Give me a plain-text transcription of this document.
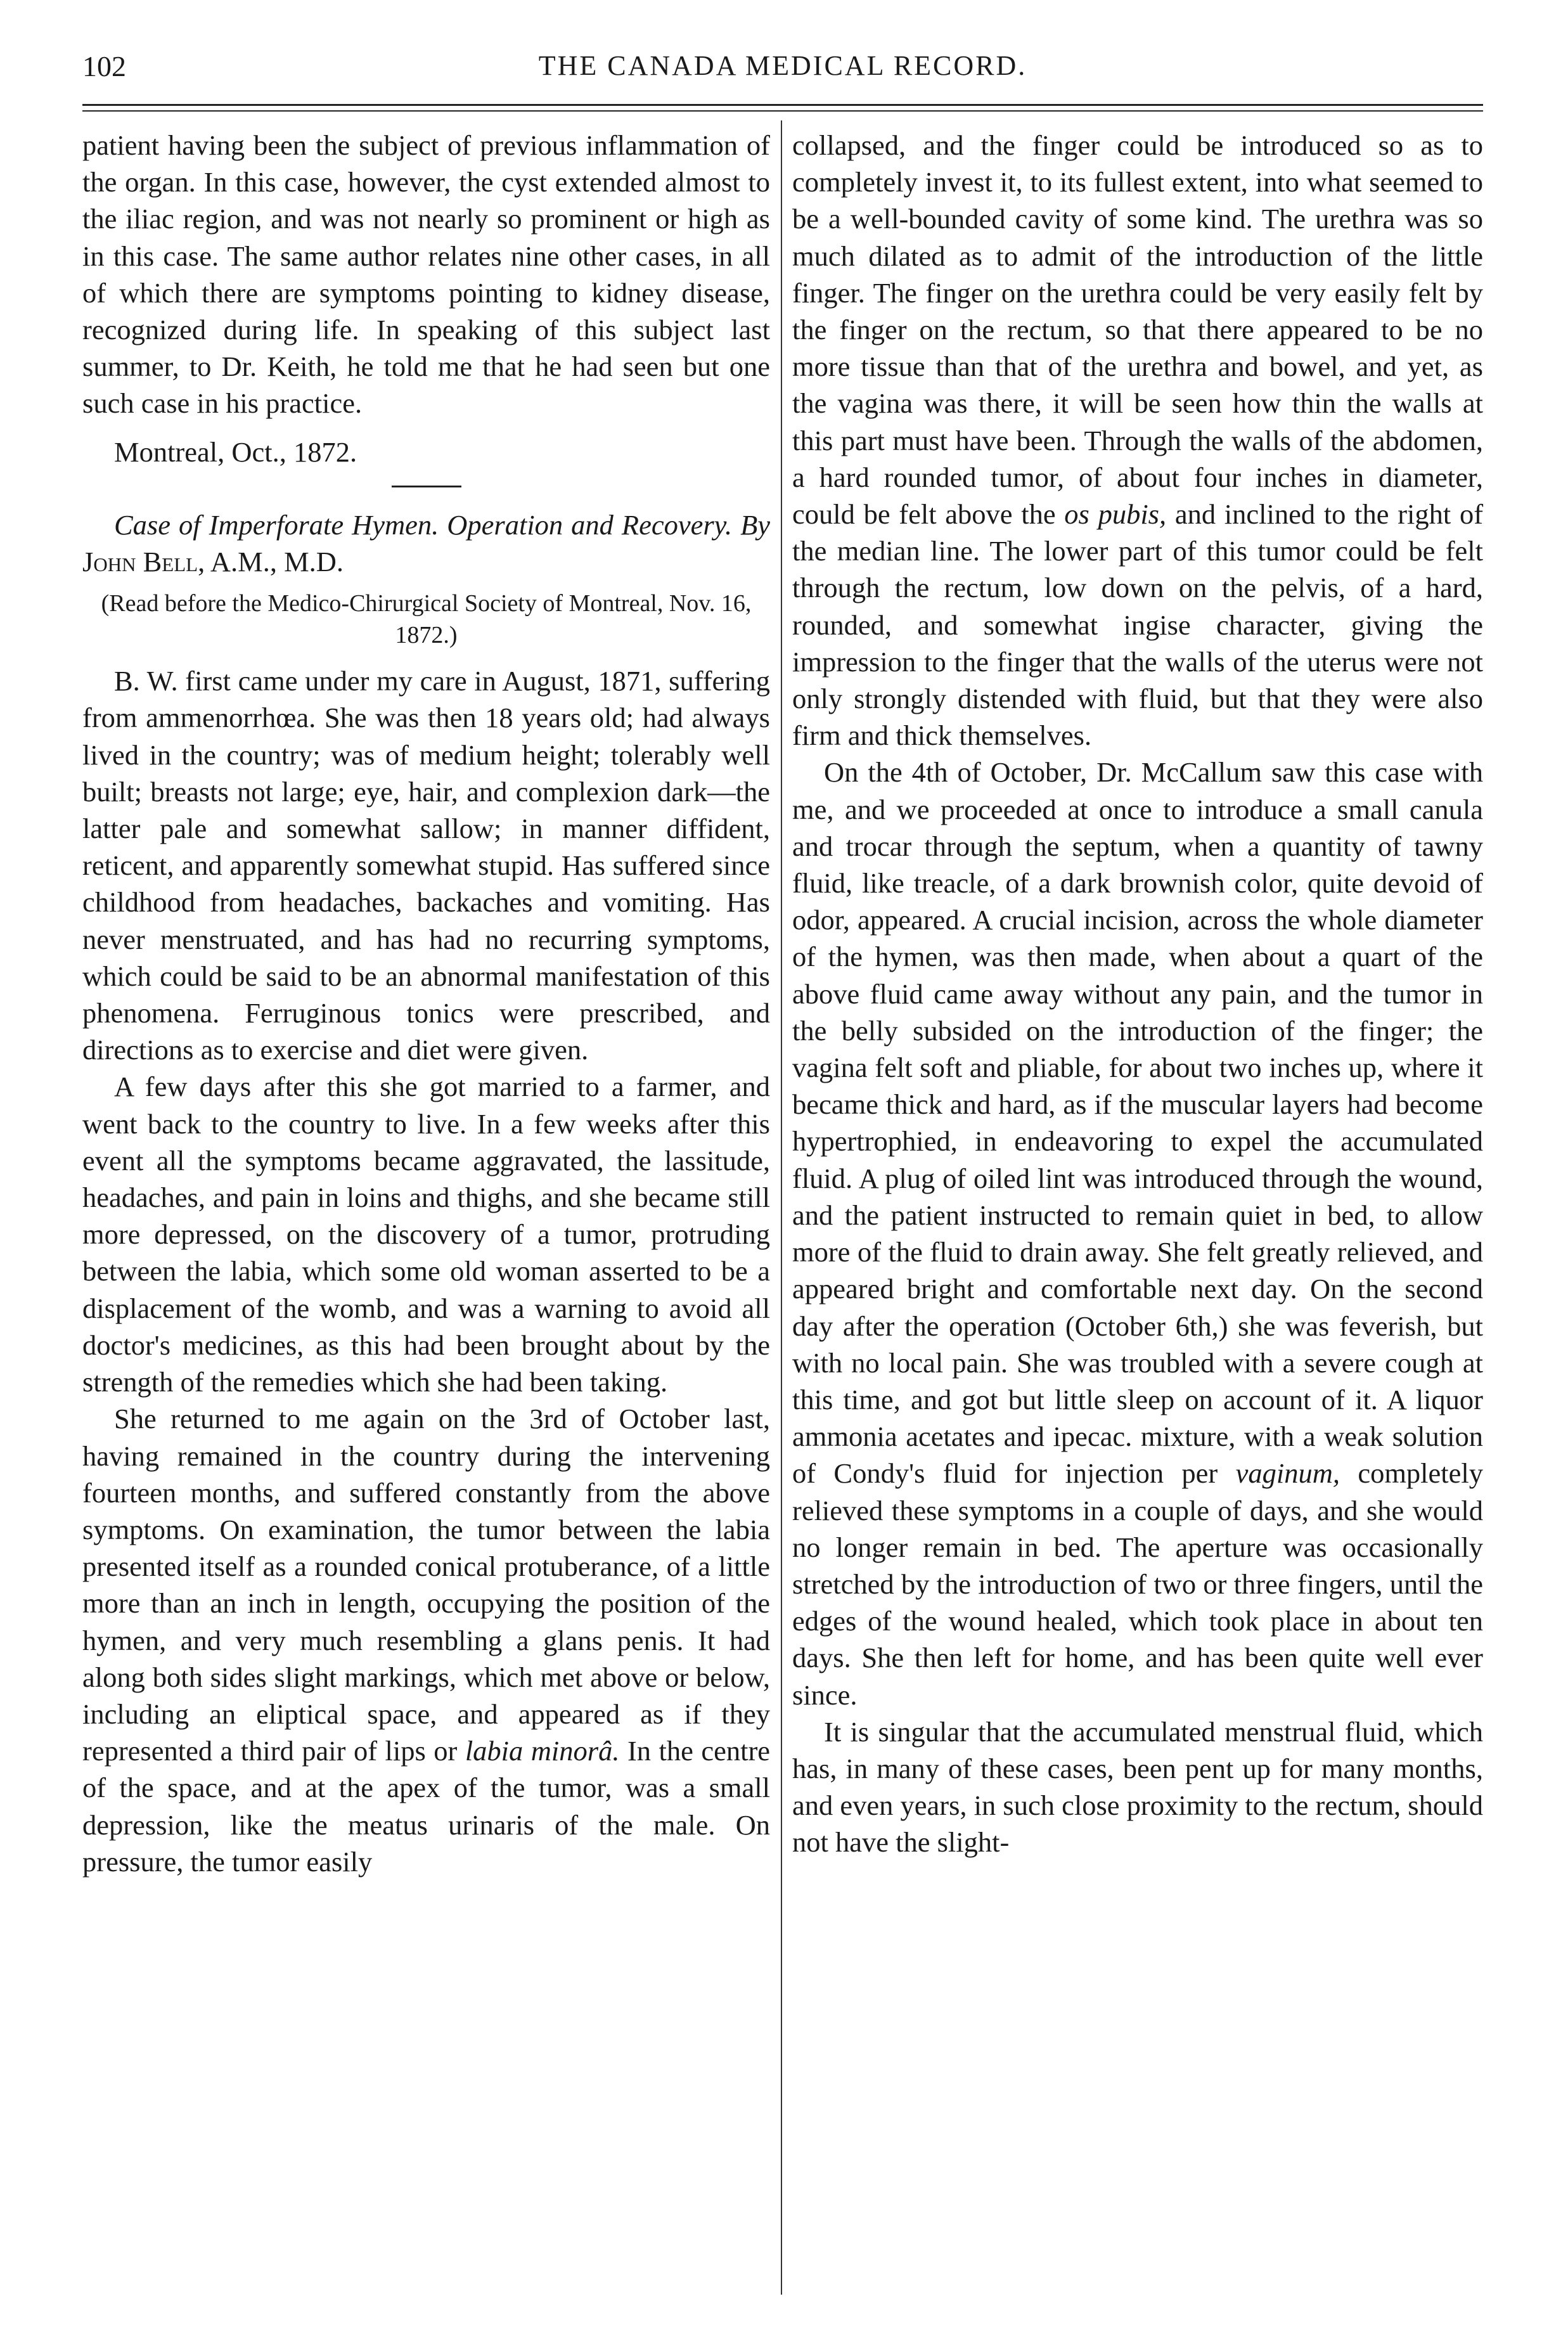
102	THE CANADA MEDICAL RECORD.

patient having been the subject of previous inflammation of the organ. In this case, however, the cyst extended almost to the iliac region, and was not nearly so prominent or high as in this case. The same author relates nine other cases, in all of which there are symptoms pointing to kidney disease, recognized during life. In speaking of this subject last summer, to Dr. Keith, he told me that he had seen but one such case in his practice.

Montreal, Oct., 1872.

Case of Imperforate Hymen. Operation and Recovery. By John Bell, A.M., M.D.

(Read before the Medico-Chirurgical Society of Montreal, Nov. 16, 1872.)

B. W. first came under my care in August, 1871, suffering from ammenorrhœa. She was then 18 years old; had always lived in the country; was of medium height; tolerably well built; breasts not large; eye, hair, and complexion dark—the latter pale and somewhat sallow; in manner diffident, reticent, and apparently somewhat stupid. Has suffered since childhood from headaches, backaches and vomiting. Has never menstruated, and has had no recurring symptoms, which could be said to be an abnormal manifestation of this phenomena. Ferruginous tonics were prescribed, and directions as to exercise and diet were given.

A few days after this she got married to a farmer, and went back to the country to live. In a few weeks after this event all the symptoms became aggravated, the lassitude, headaches, and pain in loins and thighs, and she became still more depressed, on the discovery of a tumor, protruding between the labia, which some old woman asserted to be a displacement of the womb, and was a warning to avoid all doctor's medicines, as this had been brought about by the strength of the remedies which she had been taking.

She returned to me again on the 3rd of October last, having remained in the country during the intervening fourteen months, and suffered constantly from the above symptoms. On examination, the tumor between the labia presented itself as a rounded conical protuberance, of a little more than an inch in length, occupying the position of the hymen, and very much resembling a glans penis. It had along both sides slight markings, which met above or below, including an eliptical space, and appeared as if they represented a third pair of lips or labia minorâ. In the centre of the space, and at the apex of the tumor, was a small depression, like the meatus urinaris of the male. On pressure, the tumor easily

collapsed, and the finger could be introduced so as to completely invest it, to its fullest extent, into what seemed to be a well-bounded cavity of some kind. The urethra was so much dilated as to admit of the introduction of the little finger. The finger on the urethra could be very easily felt by the finger on the rectum, so that there appeared to be no more tissue than that of the urethra and bowel, and yet, as the vagina was there, it will be seen how thin the walls at this part must have been. Through the walls of the abdomen, a hard rounded tumor, of about four inches in diameter, could be felt above the os pubis, and inclined to the right of the median line. The lower part of this tumor could be felt through the rectum, low down on the pelvis, of a hard, rounded, and somewhat ingise character, giving the impression to the finger that the walls of the uterus were not only strongly distended with fluid, but that they were also firm and thick themselves.

On the 4th of October, Dr. McCallum saw this case with me, and we proceeded at once to introduce a small canula and trocar through the septum, when a quantity of tawny fluid, like treacle, of a dark brownish color, quite devoid of odor, appeared. A crucial incision, across the whole diameter of the hymen, was then made, when about a quart of the above fluid came away without any pain, and the tumor in the belly subsided on the introduction of the finger; the vagina felt soft and pliable, for about two inches up, where it became thick and hard, as if the muscular layers had become hypertrophied, in endeavoring to expel the accumulated fluid. A plug of oiled lint was introduced through the wound, and the patient instructed to remain quiet in bed, to allow more of the fluid to drain away. She felt greatly relieved, and appeared bright and comfortable next day. On the second day after the operation (October 6th,) she was feverish, but with no local pain. She was troubled with a severe cough at this time, and got but little sleep on account of it. A liquor ammonia acetates and ipecac. mixture, with a weak solution of Condy's fluid for injection per vaginum, completely relieved these symptoms in a couple of days, and she would no longer remain in bed. The aperture was occasionally stretched by the introduction of two or three fingers, until the edges of the wound healed, which took place in about ten days. She then left for home, and has been quite well ever since.

It is singular that the accumulated menstrual fluid, which has, in many of these cases, been pent up for many months, and even years, in such close proximity to the rectum, should not have the slight-
